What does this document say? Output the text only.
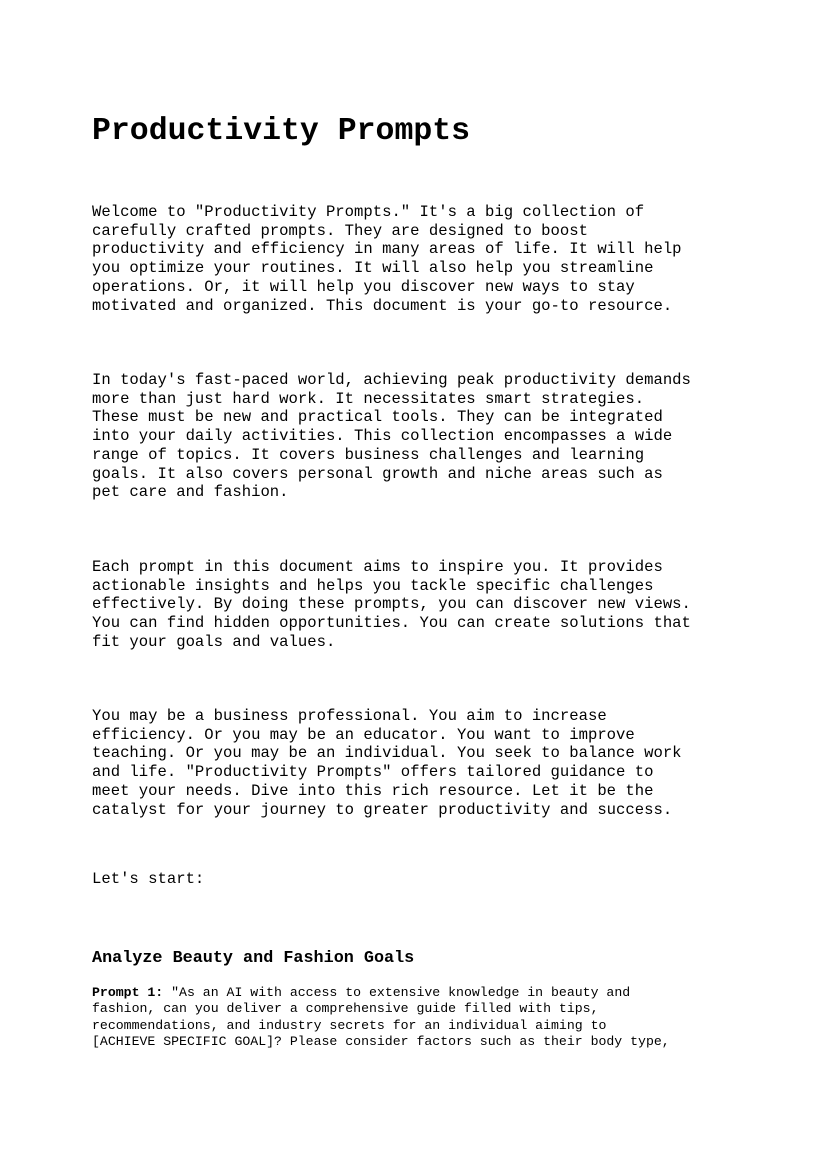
Productivity Prompts

Welcome to "Productivity Prompts." It's a big collection of
carefully crafted prompts. They are designed to boost
productivity and efficiency in many areas of life. It will help
you optimize your routines. It will also help you streamline
operations. Or, it will help you discover new ways to stay
motivated and organized. This document is your go-to resource.

In today's fast-paced world, achieving peak productivity demands
more than just hard work. It necessitates smart strategies.
These must be new and practical tools. They can be integrated
into your daily activities. This collection encompasses a wide
range of topics. It covers business challenges and learning
goals. It also covers personal growth and niche areas such as
pet care and fashion.

Each prompt in this document aims to inspire you. It provides
actionable insights and helps you tackle specific challenges
effectively. By doing these prompts, you can discover new views.
You can find hidden opportunities. You can create solutions that
fit your goals and values.

You may be a business professional. You aim to increase
efficiency. Or you may be an educator. You want to improve
teaching. Or you may be an individual. You seek to balance work
and life. "Productivity Prompts" offers tailored guidance to
meet your needs. Dive into this rich resource. Let it be the
catalyst for your journey to greater productivity and success.

Let's start:

Analyze Beauty and Fashion Goals

Prompt 1: "As an AI with access to extensive knowledge in beauty and
fashion, can you deliver a comprehensive guide filled with tips,
recommendations, and industry secrets for an individual aiming to
[ACHIEVE SPECIFIC GOAL]? Please consider factors such as their body type,
